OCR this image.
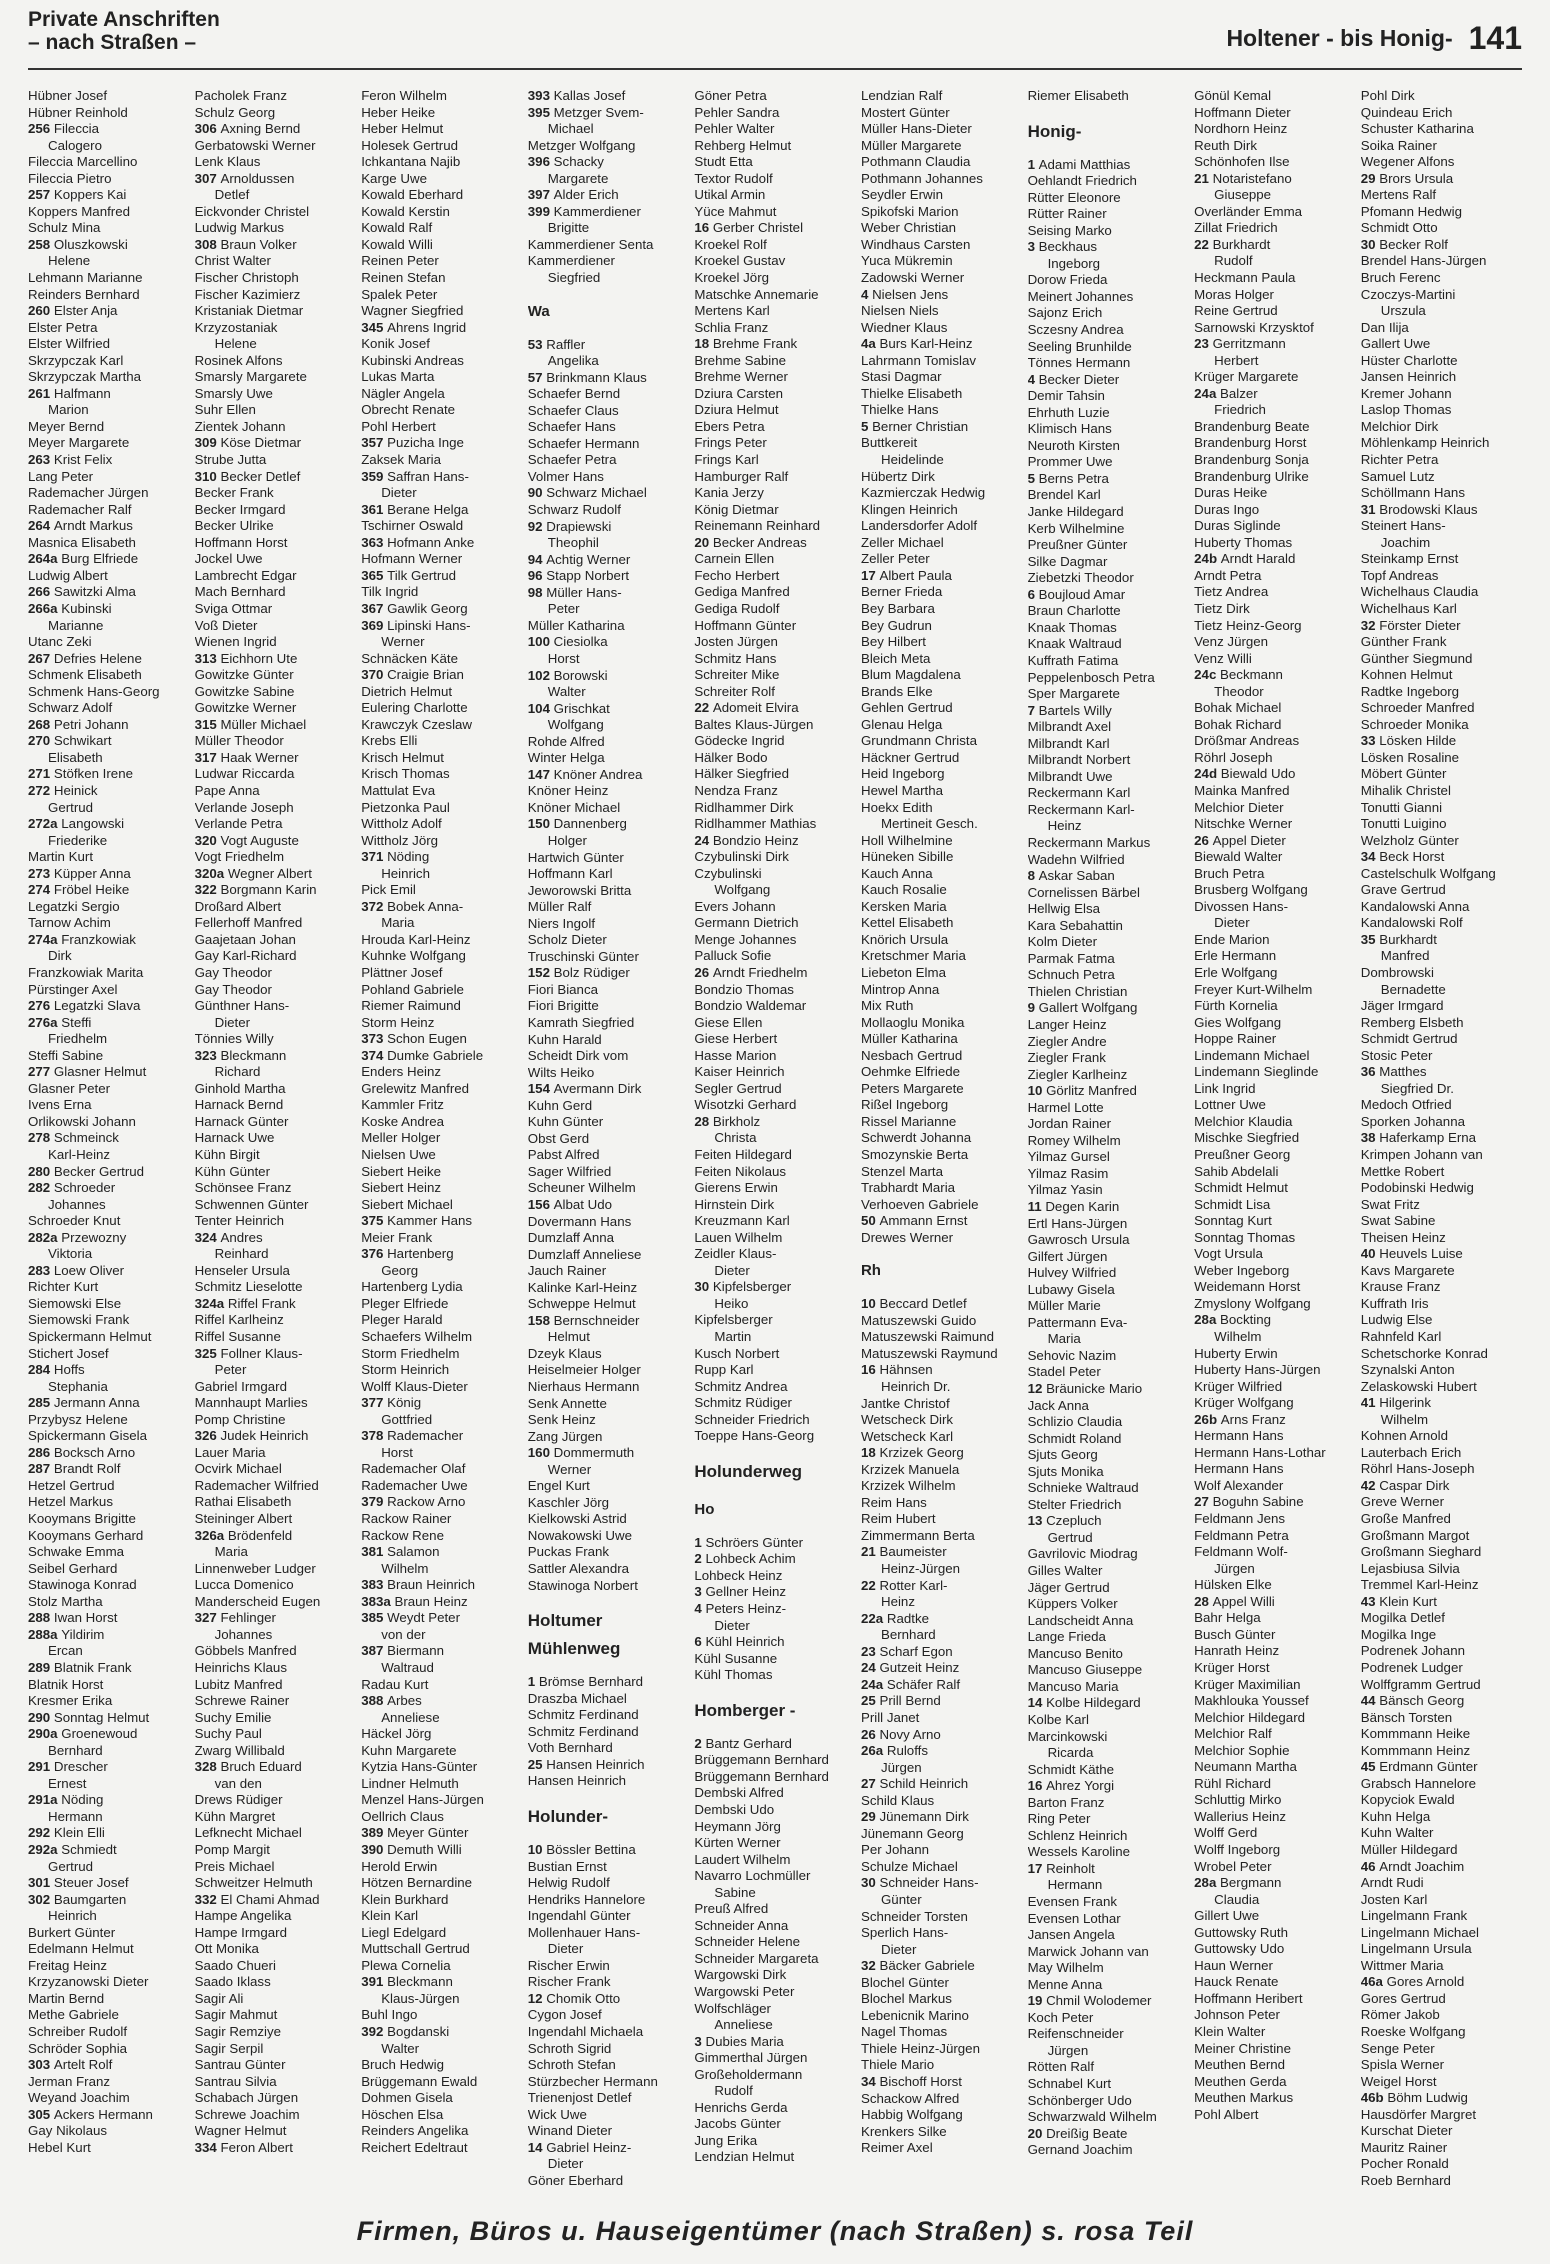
Private Anschriften
– nach Straßen –	Holtener - bis Honig- 141
Hübner Josef
Hübner Reinhold
256 Fileccia
Calogero
Fileccia Marcellino
Fileccia Pietro
257 Koppers Kai
Koppers Manfred
Schulz Mina
258 Oluszkowski
Helene
Lehmann Marianne
Reinders Bernhard
260 Elster Anja
Elster Petra
Elster Wilfried
Skrzypczak Karl
Skrzypczak Martha
261 Halfmann
Marion
Meyer Bernd
Meyer Margarete
263 Krist Felix
Lang Peter
Rademacher Jürgen
Rademacher Ralf
264 Arndt Markus
Masnica Elisabeth
264a Burg Elfriede
Ludwig Albert
266 Sawitzki Alma
266a Kubinski
Marianne
Utanc Zeki
267 Defries Helene
Schmenk Elisabeth
Schmenk Hans-Georg
Schwarz Adolf
268 Petri Johann
270 Schwikart
Elisabeth
271 Stöfken Irene
272 Heinick
Gertrud
272a Langowski
Friederike
Martin Kurt
273 Küpper Anna
274 Fröbel Heike
Legatzki Sergio
Tarnow Achim
274a Franzkowiak
Dirk
Franzkowiak Marita
Pürstinger Axel
276 Legatzki Slava
276a Steffi
Friedhelm
Steffi Sabine
277 Glasner Helmut
Glasner Peter
Ivens Erna
Orlikowski Johann
278 Schmeinck
Karl-Heinz
280 Becker Gertrud
282 Schroeder
Johannes
Schroeder Knut
282a Przewozny
Viktoria
283 Loew Oliver
Richter Kurt
Siemowski Else
Siemowski Frank
Spickermann Helmut
Stichert Josef
284 Hoffs
Stephania
285 Jermann Anna
Przybysz Helene
Spickermann Gisela
286 Bocksch Arno
287 Brandt Rolf
Hetzel Gertrud
Hetzel Markus
Kooymans Brigitte
Kooymans Gerhard
Schwake Emma
Seibel Gerhard
Stawinoga Konrad
Stolz Martha
288 Iwan Horst
288a Yildirim
Ercan
289 Blatnik Frank
Blatnik Horst
Kresmer Erika
290 Sonntag Helmut
290a Groenewoud
Bernhard
291 Drescher
Ernest
291a Nöding
Hermann
292 Klein Elli
292a Schmiedt
Gertrud
301 Steuer Josef
302 Baumgarten
Heinrich
Burkert Günter
Edelmann Helmut
Freitag Heinz
Krzyzanowski Dieter
Martin Bernd
Methe Gabriele
Schreiber Rudolf
Schröder Sophia
303 Artelt Rolf
Jerman Franz
Weyand Joachim
305 Ackers Hermann
Gay Nikolaus
Hebel Kurt
Pacholek Franz
Schulz Georg
306 Axning Bernd
Gerbatowski Werner
Lenk Klaus
307 Arnoldussen
Detlef
Eickvonder Christel
Ludwig Markus
308 Braun Volker
Christ Walter
Fischer Christoph
Fischer Kazimierz
Kristaniak Dietmar
Krzyzostaniak
Helene
Rosinek Alfons
Smarsly Margarete
Smarsly Uwe
Suhr Ellen
Zientek Johann
309 Köse Dietmar
Strube Jutta
310 Becker Detlef
Becker Frank
Becker Irmgard
Becker Ulrike
Hoffmann Horst
Jockel Uwe
Lambrecht Edgar
Mach Bernhard
Sviga Ottmar
Voß Dieter
Wienen Ingrid
313 Eichhorn Ute
Gowitzke Günter
Gowitzke Sabine
Gowitzke Werner
315 Müller Michael
Müller Theodor
317 Haak Werner
Ludwar Riccarda
Pape Anna
Verlande Joseph
Verlande Petra
320 Vogt Auguste
Vogt Friedhelm
320a Wegner Albert
322 Borgmann Karin
Droßard Albert
Fellerhoff Manfred
Gaajetaan Johan
Gay Karl-Richard
Gay Theodor
Gay Theodor
Günthner Hans-
Dieter
Tönnies Willy
323 Bleckmann
Richard
Ginhold Martha
Harnack Bernd
Harnack Günter
Harnack Uwe
Kühn Birgit
Kühn Günter
Schönsee Franz
Schwennen Günter
Tenter Heinrich
324 Andres
Reinhard
Henseler Ursula
Schmitz Lieselotte
324a Riffel Frank
Riffel Karlheinz
Riffel Susanne
325 Follner Klaus-
Peter
Gabriel Irmgard
Mannhaupt Marlies
Pomp Christine
326 Judek Heinrich
Lauer Maria
Ocvirk Michael
Rademacher Wilfried
Rathai Elisabeth
Steininger Albert
326a Brödenfeld
Maria
Linnenweber Ludger
Lucca Domenico
Manderscheid Eugen
327 Fehlinger
Johannes
Göbbels Manfred
Heinrichs Klaus
Lubitz Manfred
Schrewe Rainer
Suchy Emilie
Suchy Paul
Zwarg Willibald
328 Bruch Eduard
van den
Drews Rüdiger
Kühn Margret
Lefknecht Michael
Pomp Margit
Preis Michael
Schweitzer Helmuth
332 El Chami Ahmad
Hampe Angelika
Hampe Irmgard
Ott Monika
Saado Chueri
Saado Iklass
Sagir Ali
Sagir Mahmut
Sagir Remziye
Sagir Serpil
Santrau Günter
Santrau Silvia
Schabach Jürgen
Schrewe Joachim
Wagner Helmut
334 Feron Albert
Feron Wilhelm
Heber Heike
Heber Helmut
Holesek Gertrud
Ichkantana Najib
Karge Uwe
Kowald Eberhard
Kowald Kerstin
Kowald Ralf
Kowald Willi
Reinen Peter
Reinen Stefan
Spalek Peter
Wagner Siegfried
345 Ahrens Ingrid
Konik Josef
Kubinski Andreas
Lukas Marta
Nägler Angela
Obrecht Renate
Pohl Herbert
357 Puzicha Inge
Zaksek Maria
359 Saffran Hans-
Dieter
361 Berane Helga
Tschirner Oswald
363 Hofmann Anke
Hofmann Werner
365 Tilk Gertrud
Tilk Ingrid
367 Gawlik Georg
369 Lipinski Hans-
Werner
Schnäcken Käte
370 Craigie Brian
Dietrich Helmut
Eulering Charlotte
Krawczyk Czeslaw
Krebs Elli
Krisch Helmut
Krisch Thomas
Mattulat Eva
Pietzonka Paul
Wittholz Adolf
Wittholz Jörg
371 Nöding
Heinrich
Pick Emil
372 Bobek Anna-
Maria
Hrouda Karl-Heinz
Kuhnke Wolfgang
Plättner Josef
Pohland Gabriele
Riemer Raimund
Storm Heinz
373 Schon Eugen
374 Dumke Gabriele
Enders Heinz
Grelewitz Manfred
Kammler Fritz
Koske Andrea
Meller Holger
Nielsen Uwe
Siebert Heike
Siebert Heinz
Siebert Michael
375 Kammer Hans
Meier Frank
376 Hartenberg
Georg
Hartenberg Lydia
Pleger Elfriede
Pleger Harald
Schaefers Wilhelm
Storm Friedhelm
Storm Heinrich
Wolff Klaus-Dieter
377 König
Gottfried
378 Rademacher
Horst
Rademacher Olaf
Rademacher Uwe
379 Rackow Arno
Rackow Rainer
Rackow Rene
381 Salamon
Wilhelm
383 Braun Heinrich
383a Braun Heinz
385 Weydt Peter
von der
387 Biermann
Waltraud
Radau Kurt
388 Arbes
Anneliese
Häckel Jörg
Kuhn Margarete
Kytzia Hans-Günter
Lindner Helmuth
Menzel Hans-Jürgen
Oellrich Claus
389 Meyer Günter
390 Demuth Willi
Herold Erwin
Hötzen Bernardine
Klein Burkhard
Klein Karl
Liegl Edelgard
Muttschall Gertrud
Plewa Cornelia
391 Bleckmann
Klaus-Jürgen
Buhl Ingo
392 Bogdanski
Walter
Bruch Hedwig
Brüggemann Ewald
Dohmen Gisela
Höschen Elsa
Reinders Angelika
Reichert Edeltraut
393 Kallas Josef
395 Metzger Svem-
Michael
Metzger Wolfgang
396 Schacky
Margarete
397 Alder Erich
399 Kammerdiener
Brigitte
Kammerdiener Senta
Kammerdiener
Siegfried
Wa
53 Raffler
Angelika
57 Brinkmann Klaus
Schaefer Bernd
Schaefer Claus
Schaefer Hans
Schaefer Hermann
Schaefer Petra
Volmer Hans
90 Schwarz Michael
Schwarz Rudolf
92 Drapiewski
Theophil
94 Achtig Werner
96 Stapp Norbert
98 Müller Hans-
Peter
Müller Katharina
100 Ciesiolka
Horst
102 Borowski
Walter
104 Grischkat
Wolfgang
Rohde Alfred
Winter Helga
147 Knöner Andrea
Knöner Heinz
Knöner Michael
150 Dannenberg
Holger
Hartwich Günter
Hoffmann Karl
Jeworowski Britta
Müller Ralf
Niers Ingolf
Scholz Dieter
Truschinski Günter
152 Bolz Rüdiger
Fiori Bianca
Fiori Brigitte
Kamrath Siegfried
Kuhn Harald
Scheidt Dirk vom
Wilts Heiko
154 Avermann Dirk
Kuhn Gerd
Kuhn Günter
Obst Gerd
Pabst Alfred
Sager Wilfried
Scheuner Wilhelm
156 Albat Udo
Dovermann Hans
Dumzlaff Anna
Dumzlaff Anneliese
Jauch Rainer
Kalinke Karl-Heinz
Schweppe Helmut
158 Bernschneider
Helmut
Dzeyk Klaus
Heiselmeier Holger
Nierhaus Hermann
Senk Annette
Senk Heinz
Zang Jürgen
160 Dommermuth
Werner
Engel Kurt
Kaschler Jörg
Kielkowski Astrid
Nowakowski Uwe
Puckas Frank
Sattler Alexandra
Stawinoga Norbert
Holtumer
Mühlenweg
1 Brömse Bernhard
Draszba Michael
Schmitz Ferdinand
Schmitz Ferdinand
Voth Bernhard
25 Hansen Heinrich
Hansen Heinrich
Holunder-
10 Bössler Bettina
Bustian Ernst
Helwig Rudolf
Hendriks Hannelore
Ingendahl Günter
Mollenhauer Hans-
Dieter
Rischer Erwin
Rischer Frank
12 Chomik Otto
Cygon Josef
Ingendahl Michaela
Schroth Sigrid
Schroth Stefan
Stürzbecher Hermann
Trienenjost Detlef
Wick Uwe
Winand Dieter
14 Gabriel Heinz-
Dieter
Göner Eberhard
Göner Petra
Pehler Sandra
Pehler Walter
Rehberg Helmut
Studt Etta
Textor Rudolf
Utikal Armin
Yüce Mahmut
16 Gerber Christel
Kroekel Rolf
Kroekel Gustav
Kroekel Jörg
Matschke Annemarie
Mertens Karl
Schlia Franz
18 Brehme Frank
Brehme Sabine
Brehme Werner
Dziura Carsten
Dziura Helmut
Ebers Petra
Frings Peter
Frings Karl
Hamburger Ralf
Kania Jerzy
König Dietmar
Reinemann Reinhard
20 Becker Andreas
Carnein Ellen
Fecho Herbert
Gediga Manfred
Gediga Rudolf
Hoffmann Günter
Josten Jürgen
Schmitz Hans
Schreiter Mike
Schreiter Rolf
22 Adomeit Elvira
Baltes Klaus-Jürgen
Gödecke Ingrid
Hälker Bodo
Hälker Siegfried
Nendza Franz
Ridlhammer Dirk
Ridlhammer Mathias
24 Bondzio Heinz
Czybulinski Dirk
Czybulinski
Wolfgang
Evers Johann
Germann Dietrich
Menge Johannes
Palluck Sofie
26 Arndt Friedhelm
Bondzio Thomas
Bondzio Waldemar
Giese Ellen
Giese Herbert
Hasse Marion
Kaiser Heinrich
Segler Gertrud
Wisotzki Gerhard
28 Birkholz
Christa
Feiten Hildegard
Feiten Nikolaus
Gierens Erwin
Hirnstein Dirk
Kreuzmann Karl
Lauen Wilhelm
Zeidler Klaus-
Dieter
30 Kipfelsberger
Heiko
Kipfelsberger
Martin
Kusch Norbert
Rupp Karl
Schmitz Andrea
Schmitz Rüdiger
Schneider Friedrich
Toeppe Hans-Georg
Holunderweg
Ho
1 Schröers Günter
2 Lohbeck Achim
Lohbeck Heinz
3 Gellner Heinz
4 Peters Heinz-
Dieter
6 Kühl Heinrich
Kühl Susanne
Kühl Thomas
Homberger -
2 Bantz Gerhard
Brüggemann Bernhard
Brüggemann Bernhard
Dembski Alfred
Dembski Udo
Heymann Jörg
Kürten Werner
Laudert Wilhelm
Navarro Lochmüller
Sabine
Preuß Alfred
Schneider Anna
Schneider Helene
Schneider Margareta
Wargowski Dirk
Wargowski Peter
Wolfschläger
Anneliese
3 Dubies Maria
Gimmerthal Jürgen
Großeholdermann
Rudolf
Henrichs Gerda
Jacobs Günter
Jung Erika
Lendzian Helmut
Lendzian Ralf
Mostert Günter
Müller Hans-Dieter
Müller Margarete
Pothmann Claudia
Pothmann Johannes
Seydler Erwin
Spikofski Marion
Weber Christian
Windhaus Carsten
Yuca Mükremin
Zadowski Werner
4 Nielsen Jens
Nielsen Niels
Wiedner Klaus
4a Burs Karl-Heinz
Lahrmann Tomislav
Stasi Dagmar
Thielke Elisabeth
Thielke Hans
5 Berner Christian
Buttkereit
Heidelinde
Hübertz Dirk
Kazmierczak Hedwig
Klingen Heinrich
Landersdorfer Adolf
Zeller Michael
Zeller Peter
17 Albert Paula
Berner Frieda
Bey Barbara
Bey Gudrun
Bey Hilbert
Bleich Meta
Blum Magdalena
Brands Elke
Gehlen Gertrud
Glenau Helga
Grundmann Christa
Häckner Gertrud
Heid Ingeborg
Hewel Martha
Hoekx Edith
Mertineit Gesch.
Holl Wilhelmine
Hüneken Sibille
Kauch Anna
Kauch Rosalie
Kersken Maria
Kettel Elisabeth
Knörich Ursula
Kretschmer Maria
Liebeton Elma
Mintrop Anna
Mix Ruth
Mollaoglu Monika
Müller Katharina
Nesbach Gertrud
Oehmke Elfriede
Peters Margarete
Rißel Ingeborg
Rissel Marianne
Schwerdt Johanna
Smozynskie Berta
Stenzel Marta
Trabhardt Maria
Verhoeven Gabriele
50 Ammann Ernst
Drewes Werner
Rh
10 Beccard Detlef
Matuszewski Guido
Matuszewski Raimund
Matuszewski Raymund
16 Hähnsen
Heinrich Dr.
Jantke Christof
Wetscheck Dirk
Wetscheck Karl
18 Krzizek Georg
Krzizek Manuela
Krzizek Wilhelm
Reim Hans
Reim Hubert
Zimmermann Berta
21 Baumeister
Heinz-Jürgen
22 Rotter Karl-
Heinz
22a Radtke
Bernhard
23 Scharf Egon
24 Gutzeit Heinz
24a Schäfer Ralf
25 Prill Bernd
Prill Janet
26 Novy Arno
26a Ruloffs
Jürgen
27 Schild Heinrich
Schild Klaus
29 Jünemann Dirk
Jünemann Georg
Per Johann
Schulze Michael
30 Schneider Hans-
Günter
Schneider Torsten
Sperlich Hans-
Dieter
32 Bäcker Gabriele
Blochel Günter
Blochel Markus
Lebenicnik Marino
Nagel Thomas
Thiele Heinz-Jürgen
Thiele Mario
34 Bischoff Horst
Schackow Alfred
Habbig Wolfgang
Krenkers Silke
Reimer Axel
Riemer Elisabeth
Honig-
1 Adami Matthias
Oehlandt Friedrich
Rütter Eleonore
Rütter Rainer
Seising Marko
3 Beckhaus
Ingeborg
Dorow Frieda
Meinert Johannes
Sajonz Erich
Sczesny Andrea
Seeling Brunhilde
Tönnes Hermann
4 Becker Dieter
Demir Tahsin
Ehrhuth Luzie
Klimisch Hans
Neuroth Kirsten
Prommer Uwe
5 Berns Petra
Brendel Karl
Janke Hildegard
Kerb Wilhelmine
Preußner Günter
Silke Dagmar
Ziebetzki Theodor
6 Boujloud Amar
Braun Charlotte
Knaak Thomas
Knaak Waltraud
Kuffrath Fatima
Peppelenbosch Petra
Sper Margarete
7 Bartels Willy
Milbrandt Axel
Milbrandt Karl
Milbrandt Norbert
Milbrandt Uwe
Reckermann Karl
Reckermann Karl-
Heinz
Reckermann Markus
Wadehn Wilfried
8 Askar Saban
Cornelissen Bärbel
Hellwig Elsa
Kara Sebahattin
Kolm Dieter
Parmak Fatma
Schnuch Petra
Thielen Christian
9 Gallert Wolfgang
Langer Heinz
Ziegler Andre
Ziegler Frank
Ziegler Karlheinz
10 Görlitz Manfred
Harmel Lotte
Jordan Rainer
Romey Wilhelm
Yilmaz Gursel
Yilmaz Rasim
Yilmaz Yasin
11 Degen Karin
Ertl Hans-Jürgen
Gawrosch Ursula
Gilfert Jürgen
Hulvey Wilfried
Lubawy Gisela
Müller Marie
Pattermann Eva-
Maria
Sehovic Nazim
Stadel Peter
12 Bräunicke Mario
Jack Anna
Schlizio Claudia
Schmidt Roland
Sjuts Georg
Sjuts Monika
Schnieke Waltraud
Stelter Friedrich
13 Czepluch
Gertrud
Gavrilovic Miodrag
Gilles Walter
Jäger Gertrud
Küppers Volker
Landscheidt Anna
Lange Frieda
Mancuso Benito
Mancuso Giuseppe
Mancuso Maria
14 Kolbe Hildegard
Kolbe Karl
Marcinkowski
Ricarda
Schmidt Käthe
16 Ahrez Yorgi
Barton Franz
Ring Peter
Schlenz Heinrich
Wessels Karoline
17 Reinholt
Hermann
Evensen Frank
Evensen Lothar
Jansen Angela
Marwick Johann van
May Wilhelm
Menne Anna
19 Chmil Wolodemer
Koch Peter
Reifenschneider
Jürgen
Rötten Ralf
Schnabel Kurt
Schönberger Udo
Schwarzwald Wilhelm
20 Dreißig Beate
Gernand Joachim
Gönül Kemal
Hoffmann Dieter
Nordhorn Heinz
Reuth Dirk
Schönhofen Ilse
21 Notaristefano
Giuseppe
Overländer Emma
Zillat Friedrich
22 Burkhardt
Rudolf
Heckmann Paula
Moras Holger
Reine Gertrud
Sarnowski Krzysktof
23 Gerritzmann
Herbert
Krüger Margarete
24a Balzer
Friedrich
Brandenburg Beate
Brandenburg Horst
Brandenburg Sonja
Brandenburg Ulrike
Duras Heike
Duras Ingo
Duras Siglinde
Huberty Thomas
24b Arndt Harald
Arndt Petra
Tietz Andrea
Tietz Dirk
Tietz Heinz-Georg
Venz Jürgen
Venz Willi
24c Beckmann
Theodor
Bohak Michael
Bohak Richard
Drößmar Andreas
Röhrl Joseph
24d Biewald Udo
Mainka Manfred
Melchior Dieter
Nitschke Werner
26 Appel Dieter
Biewald Walter
Bruch Petra
Brusberg Wolfgang
Divossen Hans-
Dieter
Ende Marion
Erle Hermann
Erle Wolfgang
Freyer Kurt-Wilhelm
Fürth Kornelia
Gies Wolfgang
Hoppe Rainer
Lindemann Michael
Lindemann Sieglinde
Link Ingrid
Lottner Uwe
Melchior Klaudia
Mischke Siegfried
Preußner Georg
Sahib Abdelali
Schmidt Helmut
Schmidt Lisa
Sonntag Kurt
Sonntag Thomas
Vogt Ursula
Weber Ingeborg
Weidemann Horst
Zmyslony Wolfgang
28a Bockting
Wilhelm
Huberty Erwin
Huberty Hans-Jürgen
Krüger Wilfried
Krüger Wolfgang
26b Arns Franz
Hermann Hans
Hermann Hans-Lothar
Hermann Hans
Wolf Alexander
27 Boguhn Sabine
Feldmann Jens
Feldmann Petra
Feldmann Wolf-
Jürgen
Hülsken Elke
28 Appel Willi
Bahr Helga
Busch Günter
Hanrath Heinz
Krüger Horst
Krüger Maximilian
Makhlouka Youssef
Melchior Hildegard
Melchior Ralf
Melchior Sophie
Neumann Martha
Rühl Richard
Schluttig Mirko
Wallerius Heinz
Wolff Gerd
Wolff Ingeborg
Wrobel Peter
28a Bergmann
Claudia
Gillert Uwe
Guttowsky Ruth
Guttowsky Udo
Haun Werner
Hauck Renate
Hoffmann Heribert
Johnson Peter
Klein Walter
Meiner Christine
Meuthen Bernd
Meuthen Gerda
Meuthen Markus
Pohl Albert
Pohl Dirk
Quindeau Erich
Schuster Katharina
Soika Rainer
Wegener Alfons
29 Brors Ursula
Mertens Ralf
Pfomann Hedwig
Schmidt Otto
30 Becker Rolf
Brendel Hans-Jürgen
Bruch Ferenc
Czoczys-Martini
Urszula
Dan Ilija
Gallert Uwe
Hüster Charlotte
Jansen Heinrich
Kremer Johann
Laslop Thomas
Melchior Dirk
Möhlenkamp Heinrich
Richter Petra
Samuel Lutz
Schöllmann Hans
31 Brodowski Klaus
Steinert Hans-
Joachim
Steinkamp Ernst
Topf Andreas
Wichelhaus Claudia
Wichelhaus Karl
32 Förster Dieter
Günther Frank
Günther Siegmund
Kohnen Helmut
Radtke Ingeborg
Schroeder Manfred
Schroeder Monika
33 Lösken Hilde
Lösken Rosaline
Möbert Günter
Mihalik Christel
Tonutti Gianni
Tonutti Luigino
Welzholz Günter
34 Beck Horst
Castelschulk Wolfgang
Grave Gertrud
Kandalowski Anna
Kandalowski Rolf
35 Burkhardt
Manfred
Dombrowski
Bernadette
Jäger Irmgard
Remberg Elsbeth
Schmidt Gertrud
Stosic Peter
36 Matthes
Siegfried Dr.
Medoch Otfried
Sporken Johanna
38 Haferkamp Erna
Krimpen Johann van
Mettke Robert
Podobinski Hedwig
Swat Fritz
Swat Sabine
Theisen Heinz
40 Heuvels Luise
Kavs Margarete
Krause Franz
Kuffrath Iris
Ludwig Else
Rahnfeld Karl
Schetschorke Konrad
Szynalski Anton
Zelaskowski Hubert
41 Hilgerink
Wilhelm
Kohnen Arnold
Lauterbach Erich
Röhrl Hans-Joseph
42 Caspar Dirk
Greve Werner
Große Manfred
Großmann Margot
Großmann Sieghard
Lejasbiusa Silvia
Tremmel Karl-Heinz
43 Klein Kurt
Mogilka Detlef
Mogilka Inge
Podrenek Johann
Podrenek Ludger
Wolffgramm Gertrud
44 Bänsch Georg
Bänsch Torsten
Kommmann Heike
Kommmann Heinz
45 Erdmann Günter
Grabsch Hannelore
Kopyciok Ewald
Kuhn Helga
Kuhn Walter
Müller Hildegard
46 Arndt Joachim
Arndt Rudi
Josten Karl
Lingelmann Frank
Lingelmann Michael
Lingelmann Ursula
Wittmer Maria
46a Gores Arnold
Gores Gertrud
Römer Jakob
Roeske Wolfgang
Senge Peter
Spisla Werner
Weigel Horst
46b Böhm Ludwig
Hausdörfer Margret
Kurschat Dieter
Mauritz Rainer
Pocher Ronald
Roeb Bernhard
Firmen, Büros u. Hauseigentümer (nach Straßen) s. rosa Teil
